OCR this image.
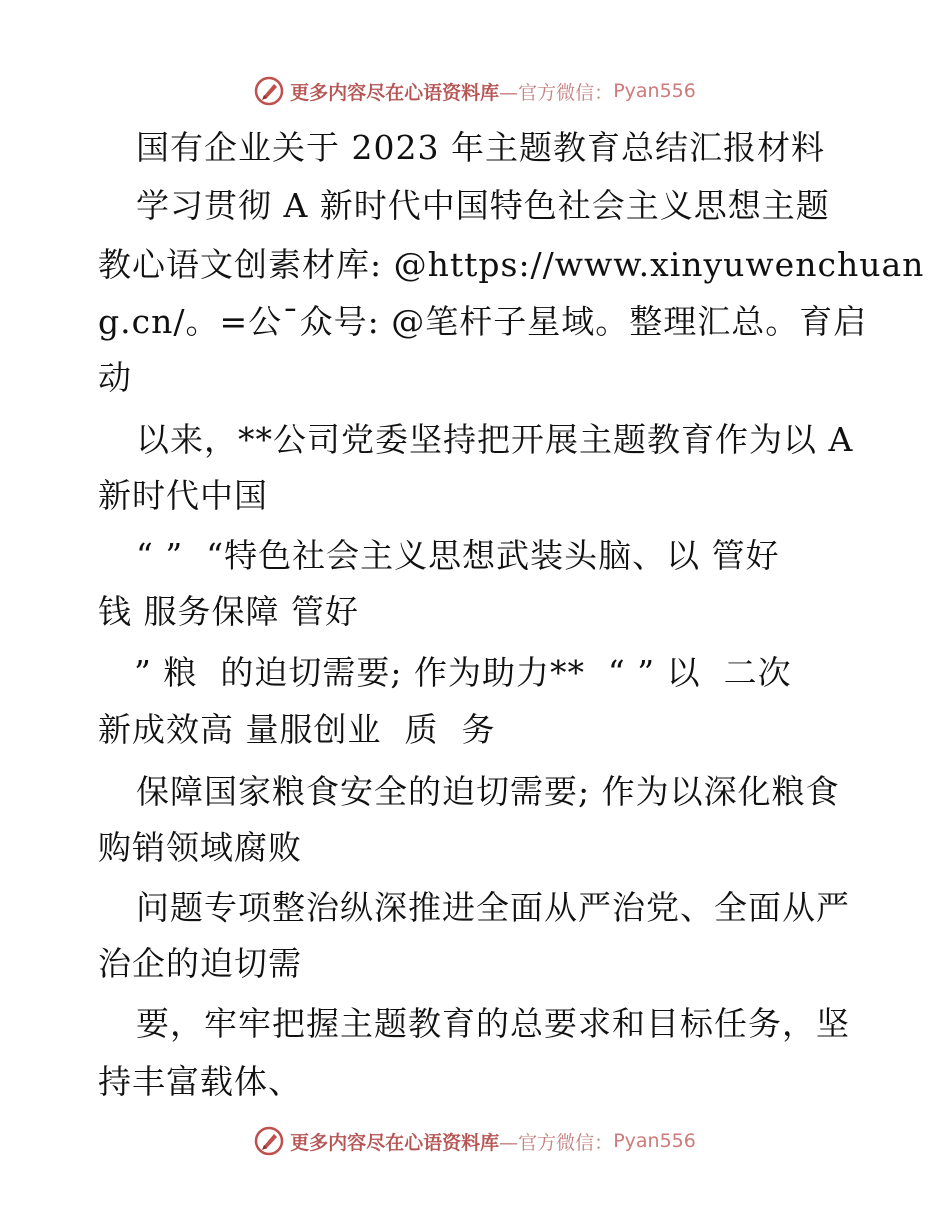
更多内容尽在心语资料库 —官方微信： Pyan556
国有企业关于 2023 年主题教育总结汇报材料
学习贯彻 A 新时代中国特色社会主义思想主题
教心语文创素材库: @https://www.xinyuwenchuan
g.cn/。=公¯众号: @笔杆子星域。整理汇总。育启
动
以来，**公司党委坚持把开展主题教育作为以 A
新时代中国
“ ”  “特色社会主义思想武装头脑、以 管好
钱 服务保障 管好
” 粮  的迫切需要; 作为助力**  “ ” 以  二次
新成效高 量服创业  质  务
保障国家粮食安全的迫切需要; 作为以深化粮食
购销领域腐败
问题专项整治纵深推进全面从严治党、全面从严
治企的迫切需
要，牢牢把握主题教育的总要求和目标任务，坚
持丰富载体、
更多内容尽在心语资料库 —官方微信： Pyan556
